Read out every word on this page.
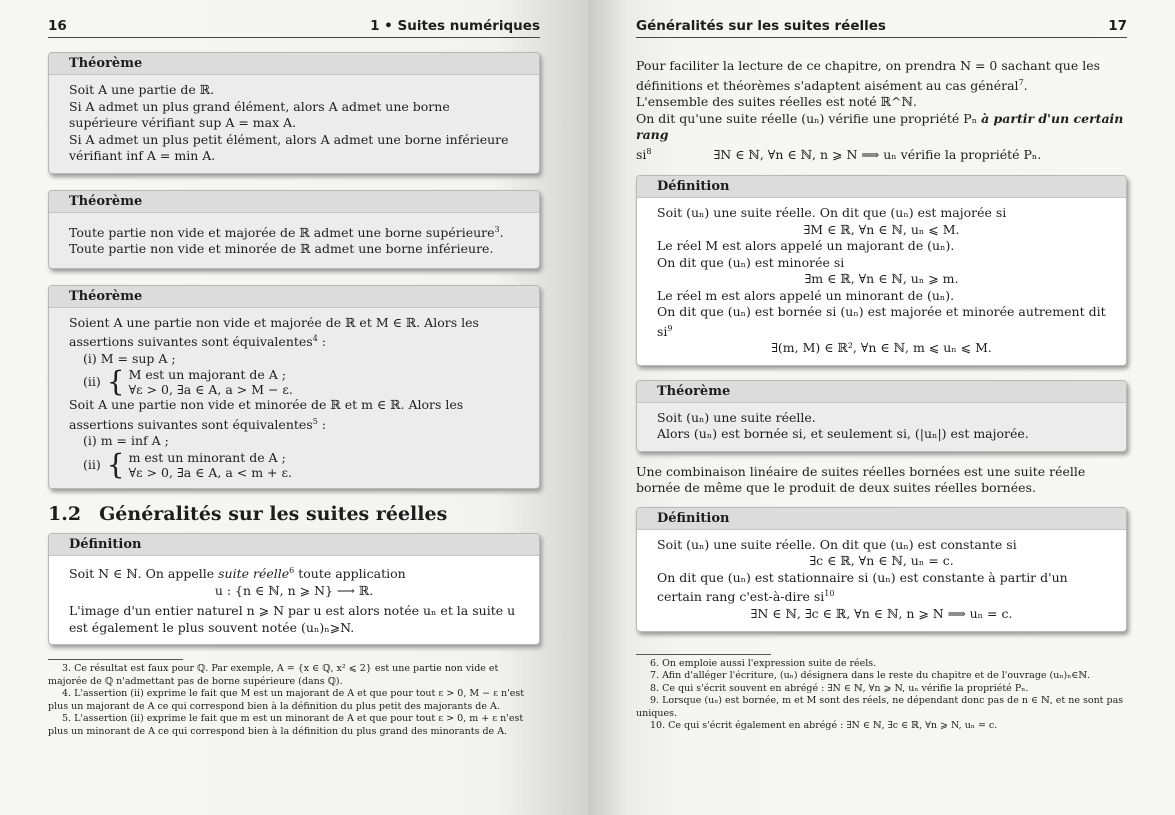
16	1 • Suites numériques
Théorème

Soit A une partie de ℝ.

Si A admet un plus grand élément, alors A admet une borne supérieure vérifiant sup A = max A.

Si A admet un plus petit élément, alors A admet une borne inférieure vérifiant inf A = min A.

Théorème

Toute partie non vide et majorée de ℝ admet une borne supérieure$^3$.

Toute partie non vide et minorée de ℝ admet une borne inférieure.

Théorème

Soient A une partie non vide et majorée de ℝ et M ∈ ℝ. Alors les assertions suivantes sont équivalentes$^4$ :

(i) M = sup A ;

(ii) { M est un majorant de A ;
∀ε > 0, ∃a ∈ A, a > M − ε.

Soit A une partie non vide et minorée de ℝ et m ∈ ℝ. Alors les assertions suivantes sont équivalentes$^5$ :

(i) m = inf A ;

(ii) { m est un minorant de A ;
∀ε > 0, ∃a ∈ A, a < m + ε.
1.2 Généralités sur les suites réelles
Définition

Soit N ∈ ℕ. On appelle suite réelle$^6$ toute application

u : {n ∈ ℕ, n ⩾ N} ⟶ ℝ.

L'image d'un entier naturel n ⩾ N par u est alors notée uₙ et la suite u est également le plus souvent notée (uₙ)ₙ⩾N.

3. Ce résultat est faux pour ℚ. Par exemple, A = {x ∈ ℚ, x² ⩽ 2} est une partie non vide et majorée de ℚ n'admettant pas de borne supérieure (dans ℚ).

4. L'assertion (ii) exprime le fait que M est un majorant de A et que pour tout ε > 0, M − ε n'est plus un majorant de A ce qui correspond bien à la définition du plus petit des majorants de A.

5. L'assertion (ii) exprime le fait que m est un minorant de A et que pour tout ε > 0, m + ε n'est plus un minorant de A ce qui correspond bien à la définition du plus grand des minorants de A.

Généralités sur les suites réelles	17

Pour faciliter la lecture de ce chapitre, on prendra N = 0 sachant que les définitions et théorèmes s'adaptent aisément au cas général$^7$.

L'ensemble des suites réelles est noté ℝ^ℕ.

On dit qu'une suite réelle (uₙ) vérifie une propriété Pₙ à partir d'un certain rang

$si^8$	∃N ∈ ℕ, ∀n ∈ ℕ, n ⩾ N ⟹ uₙ vérifie la propriété Pₙ.

Définition

Soit (uₙ) une suite réelle. On dit que (uₙ) est majorée si

∃M ∈ ℝ, ∀n ∈ ℕ, uₙ ⩽ M.

Le réel M est alors appelé un majorant de (uₙ).

On dit que (uₙ) est minorée si

∃m ∈ ℝ, ∀n ∈ ℕ, uₙ ⩾ m.

Le réel m est alors appelé un minorant de (uₙ).

On dit que (uₙ) est bornée si (uₙ) est majorée et minorée autrement dit $si^9$

∃(m, M) ∈ ℝ², ∀n ∈ ℕ, m ⩽ uₙ ⩽ M.

Théorème

Soit (uₙ) une suite réelle.

Alors (uₙ) est bornée si, et seulement si, (|uₙ|) est majorée.

Une combinaison linéaire de suites réelles bornées est une suite réelle bornée de même que le produit de deux suites réelles bornées.
Définition

Soit (uₙ) une suite réelle. On dit que (uₙ) est constante si

∃c ∈ ℝ, ∀n ∈ ℕ, uₙ = c.

On dit que (uₙ) est stationnaire si (uₙ) est constante à partir d'un certain rang c'est-à-dire $si^{10}$

∃N ∈ ℕ, ∃c ∈ ℝ, ∀n ∈ ℕ, n ⩾ N ⟹ uₙ = c.

6. On emploie aussi l'expression suite de réels.

7. Afin d'alléger l'écriture, (uₙ) désignera dans le reste du chapitre et de l'ouvrage (uₙ)ₙ∈ℕ.

8. Ce qui s'écrit souvent en abrégé : ∃N ∈ ℕ, ∀n ⩾ N, uₙ vérifie la propriété Pₙ.

9. Lorsque (uₙ) est bornée, m et M sont des réels, ne dépendant donc pas de n ∈ ℕ, et ne sont pas uniques.

10. Ce qui s'écrit également en abrégé : ∃N ∈ ℕ, ∃c ∈ ℝ, ∀n ⩾ N, uₙ = c.
